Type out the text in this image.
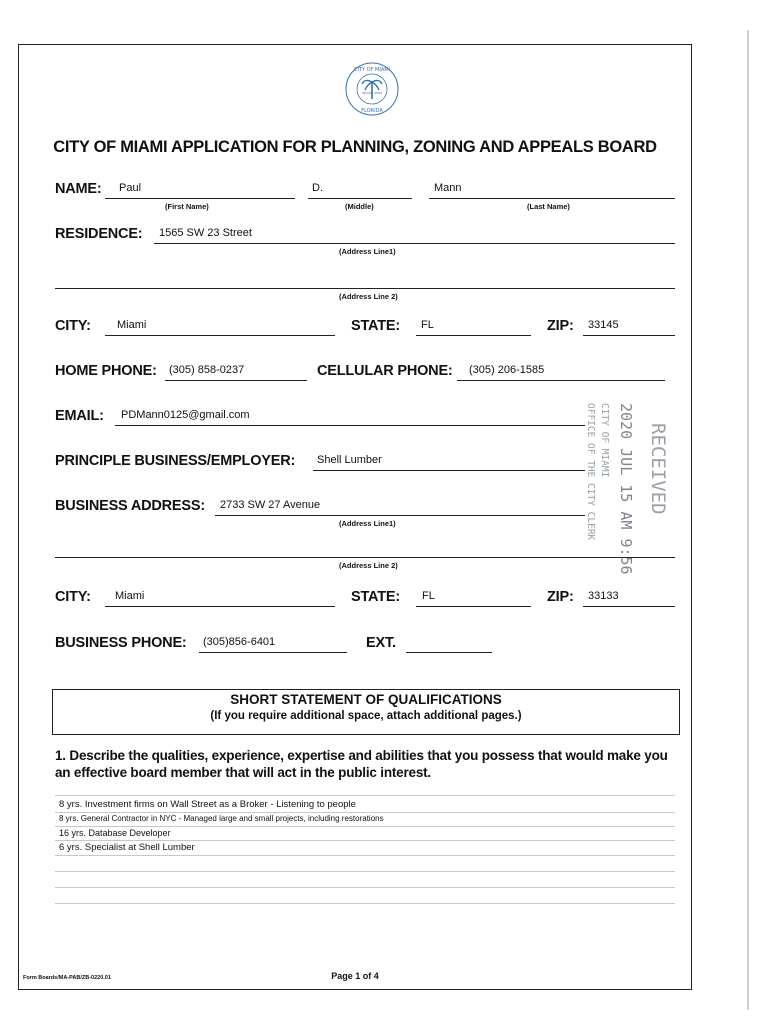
CITY OF MIAMI
FLORIDA
INCORP 1896
CITY OF MIAMI APPLICATION FOR PLANNING, ZONING AND APPEALS BOARD
NAME: Paul
(First Name)
D.
(Middle)
Mann
(Last Name)
RESIDENCE: 1565 SW 23 Street
(Address Line1)
(Address Line 2)
CITY: Miami	STATE: FL	ZIP: 33145
HOME PHONE: (305) 858-0237	CELLULAR PHONE: (305) 206-1585
EMAIL: PDMann0125@gmail.com
PRINCIPLE BUSINESS/EMPLOYER: Shell Lumber
BUSINESS ADDRESS: 2733 SW 27 Avenue
(Address Line1)
(Address Line 2)
CITY: Miami	STATE: FL	ZIP: 33133
BUSINESS PHONE: (305)856-6401	EXT.
OFFICE OF THE CITY CLERK CITY OF MIAMI 2020 JUL 15 AM 9:56 RECEIVED
SHORT STATEMENT OF QUALIFICATIONS
(If you require additional space, attach additional pages.)
1. Describe the qualities, experience, expertise and abilities that you possess that would make you an effective board member that will act in the public interest.
8 yrs. Investment firms on Wall Street as a Broker - Listening to people
8 yrs. General Contractor in NYC - Managed large and small projects, including restorations
16 yrs. Database Developer
6 yrs. Specialist at Shell Lumber
Form Boards/MA-PAB/ZB-0220.01	Page 1 of 4
